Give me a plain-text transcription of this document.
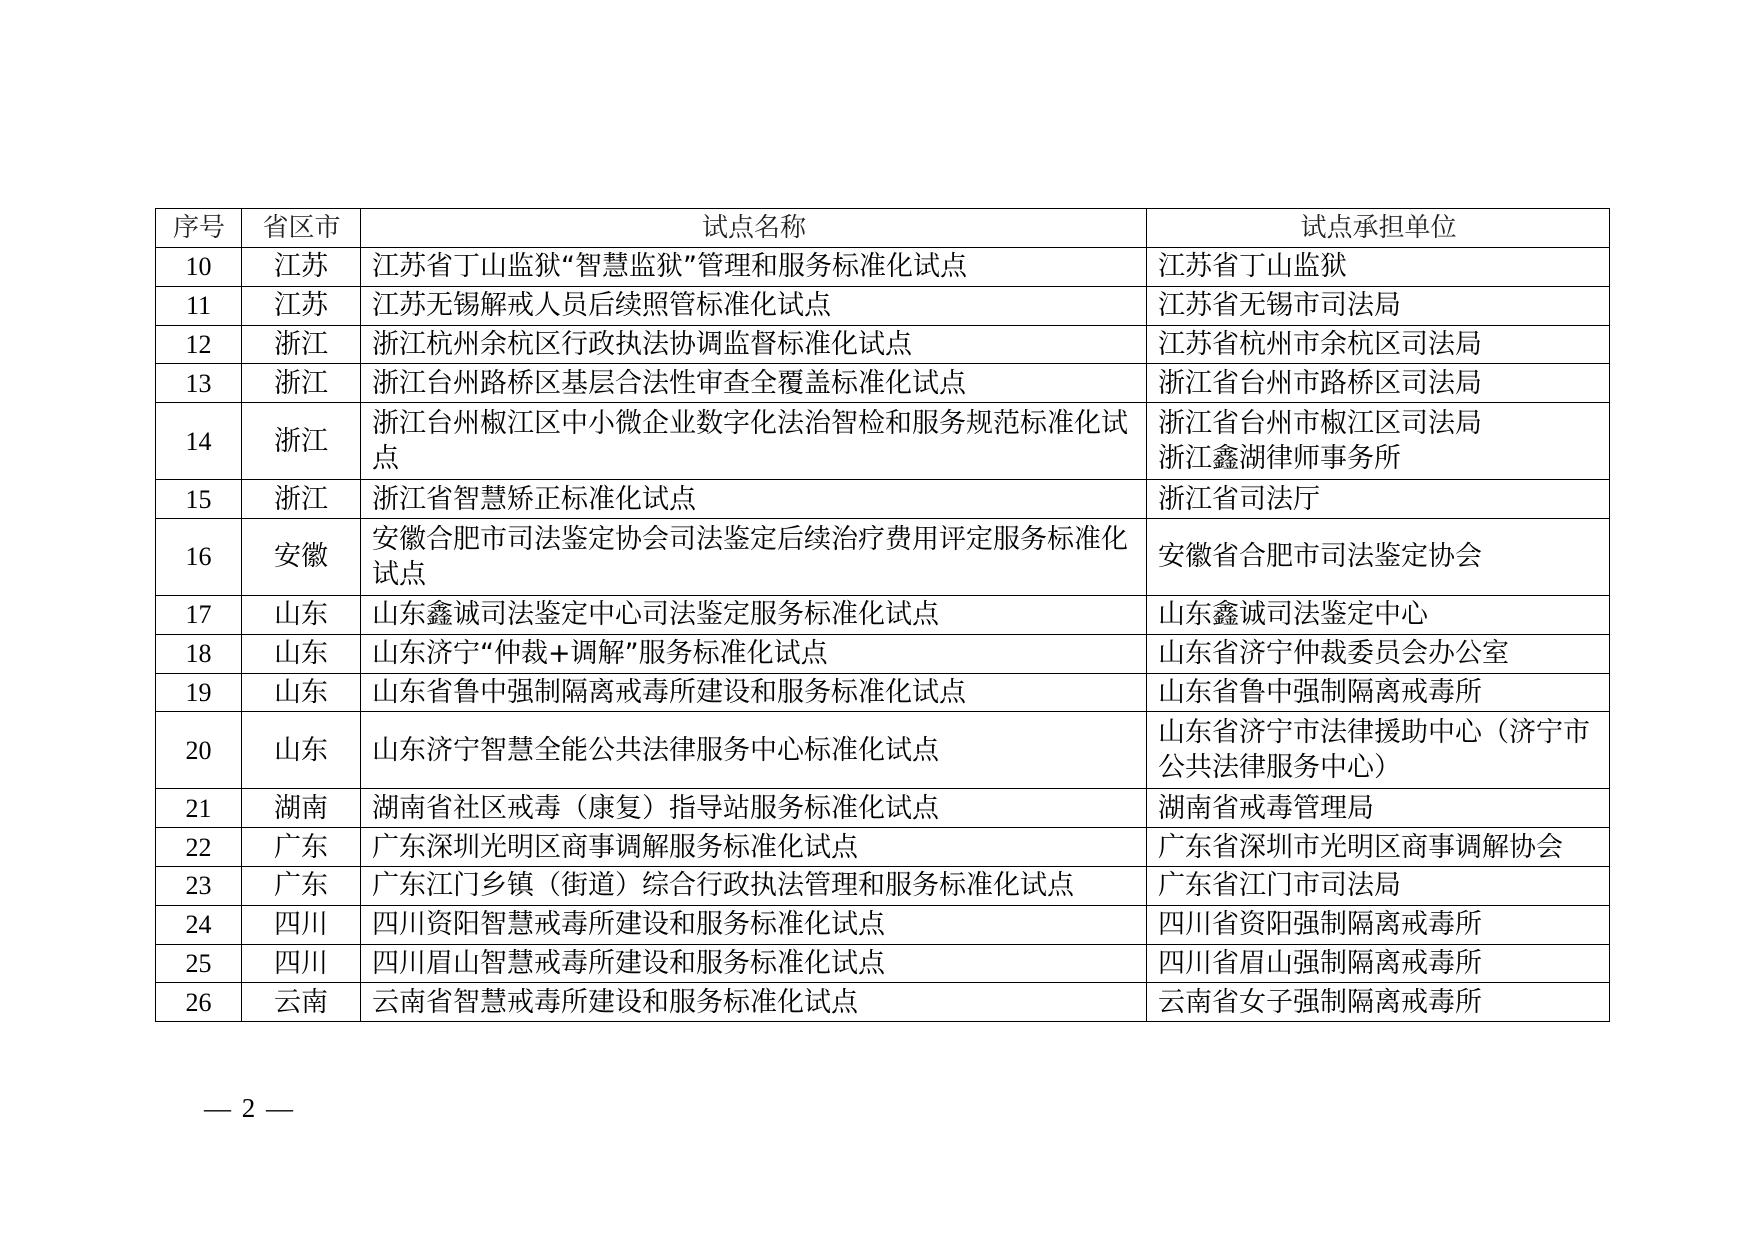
序号	省区市	试点名称	试点承担单位
10	江苏	江苏省丁山监狱“智慧监狱”管理和服务标准化试点	江苏省丁山监狱

11	江苏	江苏无锡解戒人员后续照管标准化试点	江苏省无锡市司法局

12	浙江	浙江杭州余杭区行政执法协调监督标准化试点	江苏省杭州市余杭区司法局

13	浙江	浙江台州路桥区基层合法性审查全覆盖标准化试点	浙江省台州市路桥区司法局

14	浙江	浙江台州椒江区中小微企业数字化法治智检和服务规范标准化试点	浙江省台州市椒江区司法局
浙江鑫湖律师事务所

15	浙江	浙江省智慧矫正标准化试点	浙江省司法厅

16	安徽	安徽合肥市司法鉴定协会司法鉴定后续治疗费用评定服务标准化试点	安徽省合肥市司法鉴定协会

17	山东	山东鑫诚司法鉴定中心司法鉴定服务标准化试点	山东鑫诚司法鉴定中心

18	山东	山东济宁“仲裁+调解”服务标准化试点	山东省济宁仲裁委员会办公室

19	山东	山东省鲁中强制隔离戒毒所建设和服务标准化试点	山东省鲁中强制隔离戒毒所

20	山东	山东济宁智慧全能公共法律服务中心标准化试点	山东省济宁市法律援助中心（济宁市公共法律服务中心）

21	湖南	湖南省社区戒毒（康复）指导站服务标准化试点	湖南省戒毒管理局

22	广东	广东深圳光明区商事调解服务标准化试点	广东省深圳市光明区商事调解协会

23	广东	广东江门乡镇（街道）综合行政执法管理和服务标准化试点	广东省江门市司法局

24	四川	四川资阳智慧戒毒所建设和服务标准化试点	四川省资阳强制隔离戒毒所

25	四川	四川眉山智慧戒毒所建设和服务标准化试点	四川省眉山强制隔离戒毒所

26	云南	云南省智慧戒毒所建设和服务标准化试点	云南省女子强制隔离戒毒所
— 2 —
